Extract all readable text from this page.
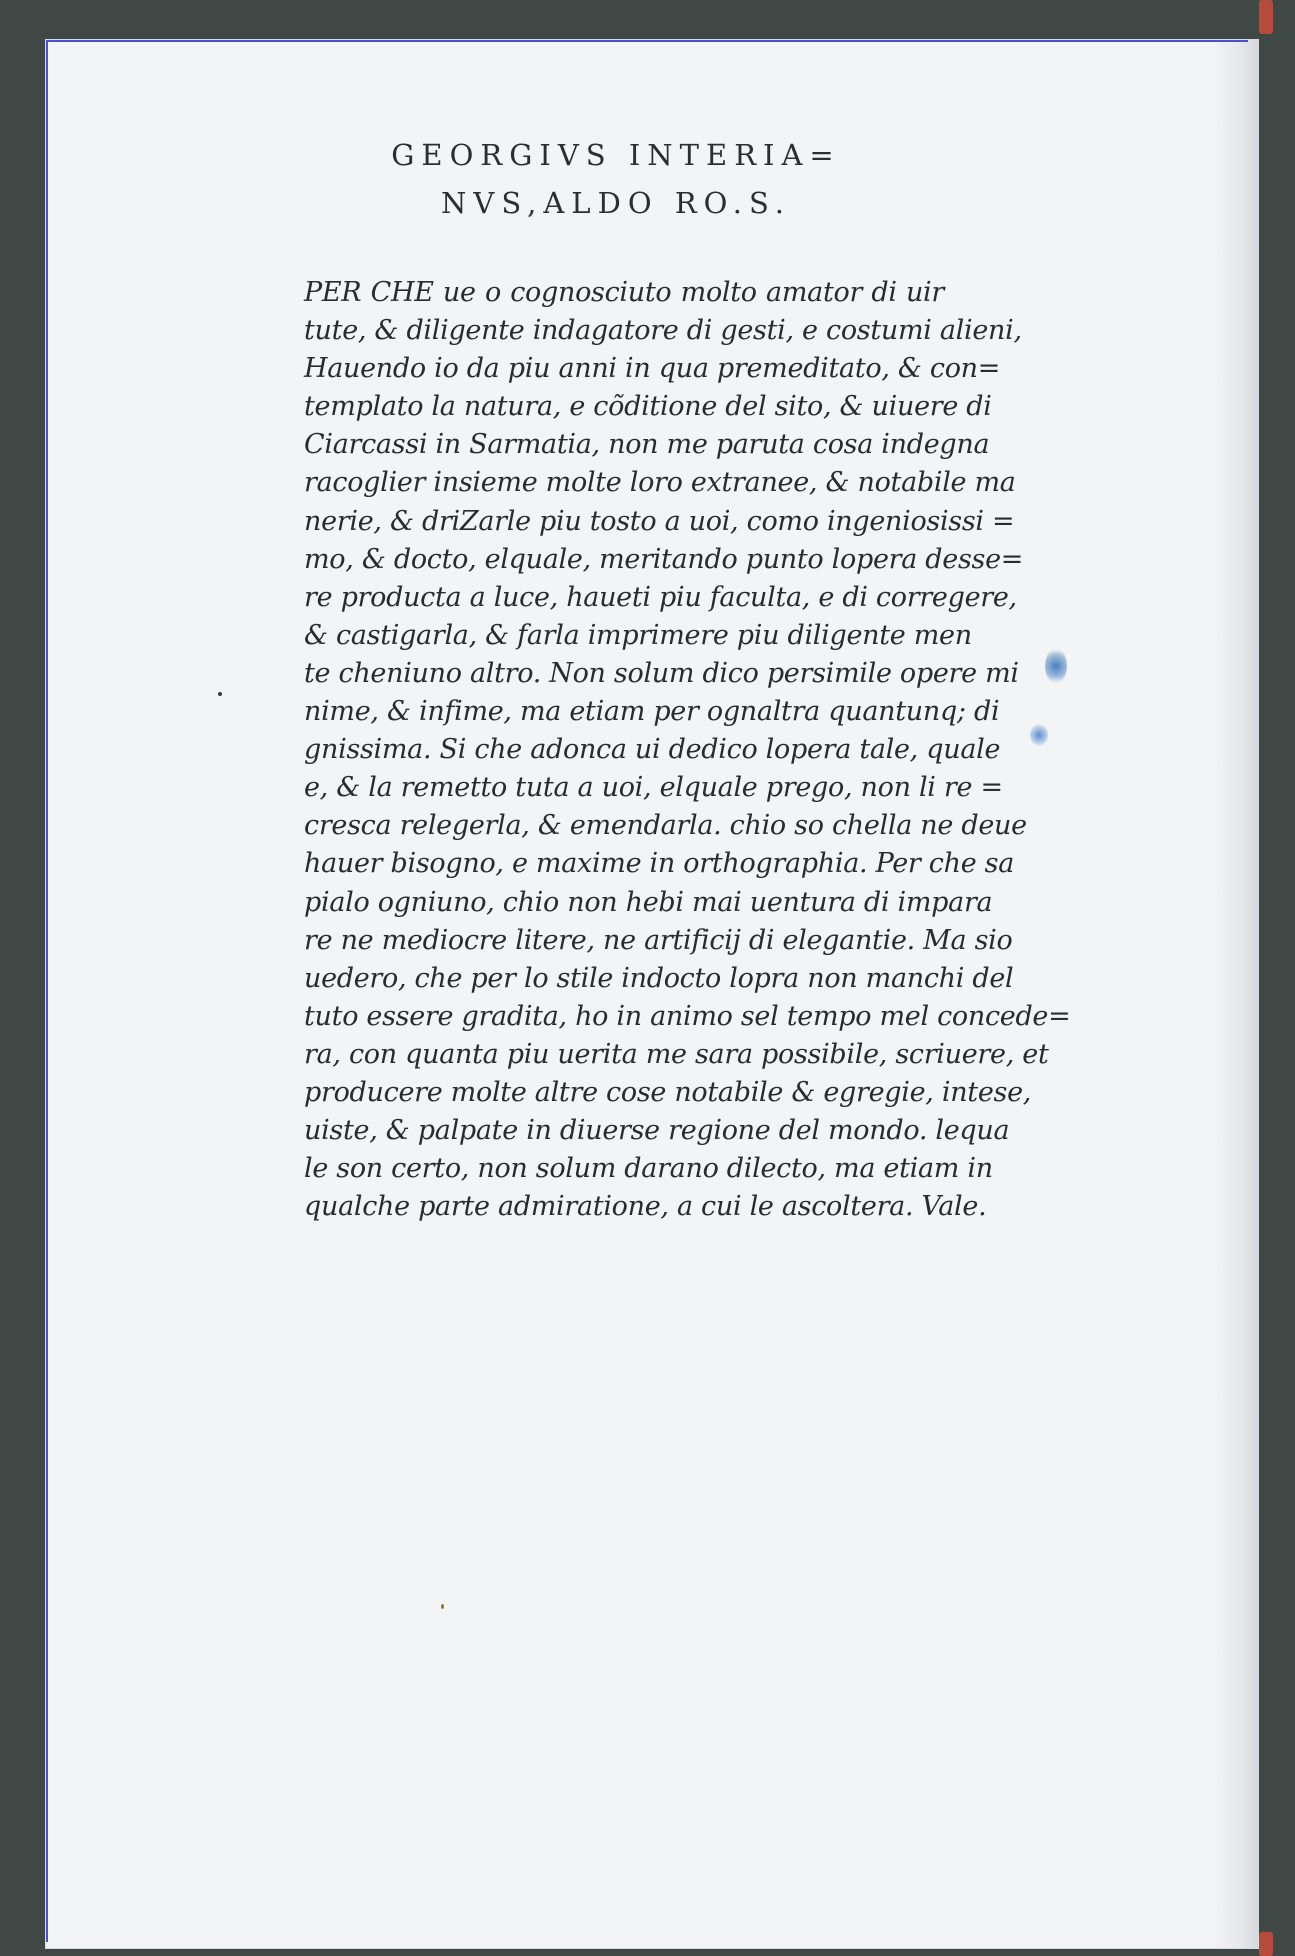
GEORGIVS INTERIA=
NVS,ALDO RO.S.
PER CHE ue o cognosciuto molto amator di uir
tute, & diligente indagatore di gesti, e costumi alieni,
Hauendo io da piu anni in qua premeditato, & con=
templato la natura, e cõditione del sito, & uiuere di
Ciarcassi in Sarmatia, non me paruta cosa indegna
racoglier insieme molte loro extranee, & notabile ma
nerie, & driZarle piu tosto a uoi, como ingeniosissi =
mo, & docto, elquale, meritando punto lopera desse=
re producta a luce, haueti piu faculta, e di corregere,
& castigarla, & farla imprimere piu diligente men
te cheniuno altro. Non solum dico persimile opere mi
nime, & infime, ma etiam per ognaltra quantunq; di
gnissima. Si che adonca ui dedico lopera tale, quale
e, & la remetto tuta a uoi, elquale prego, non li re =
cresca relegerla, & emendarla. chio so chella ne deue
hauer bisogno, e maxime in orthographia. Per che sa
pialo ogniuno, chio non hebi mai uentura di impara
re ne mediocre litere, ne artificij di elegantie. Ma sio
uedero, che per lo stile indocto lopra non manchi del
tuto essere gradita, ho in animo sel tempo mel concede=
ra, con quanta piu uerita me sara possibile, scriuere, et
producere molte altre cose notabile & egregie, intese,
uiste, & palpate in diuerse regione del mondo. lequa
le son certo, non solum darano dilecto, ma etiam in
qualche parte admiratione, a cui le ascoltera. Vale.
